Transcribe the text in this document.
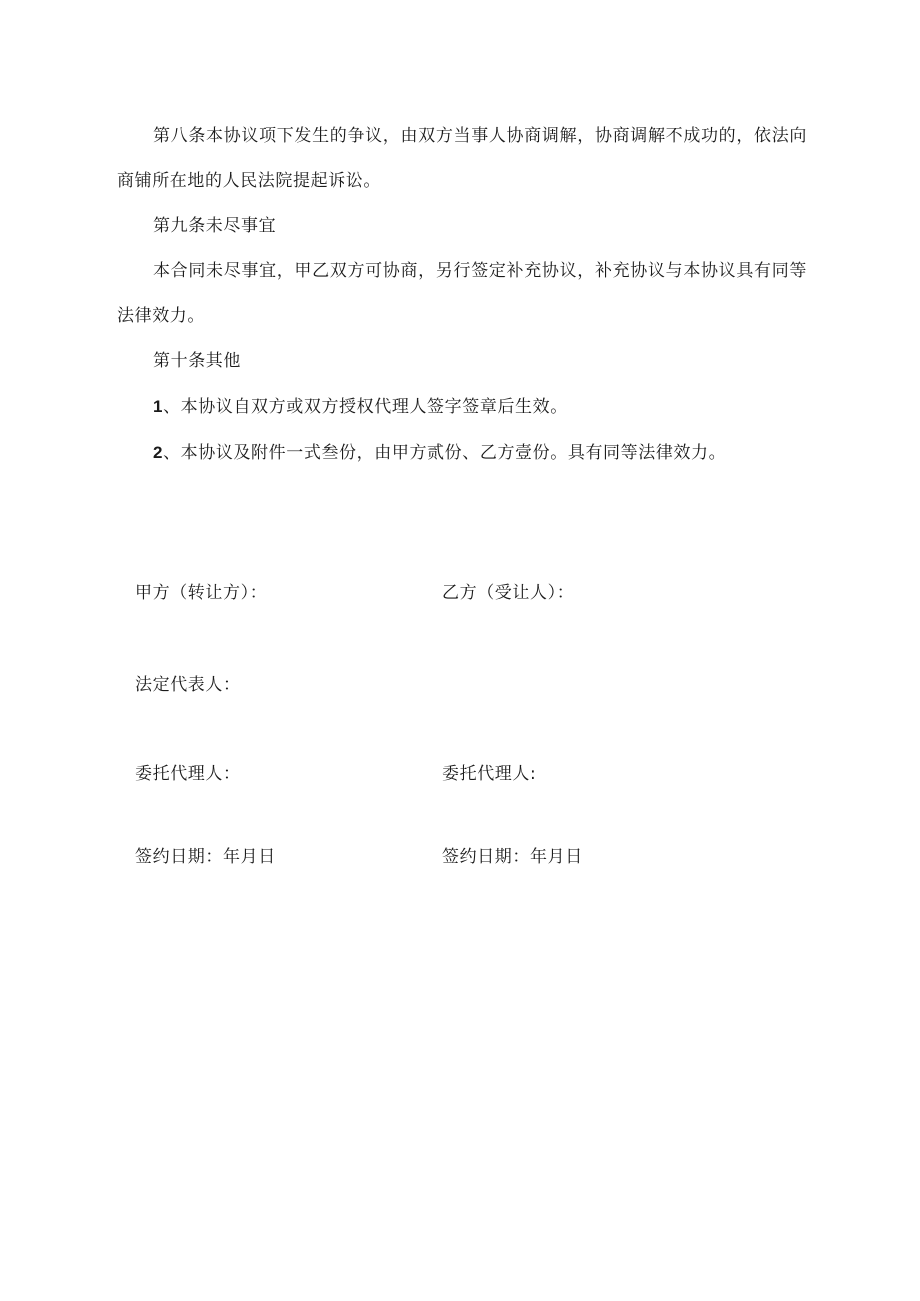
第八条本协议项下发生的争议，由双方当事人协商调解，协商调解不成功的，依法向商铺所在地的人民法院提起诉讼。

第九条未尽事宜

本合同未尽事宜，甲乙双方可协商，另行签定补充协议，补充协议与本协议具有同等法律效力。

第十条其他

1、本协议自双方或双方授权代理人签字签章后生效。

2、本协议及附件一式叁份，由甲方贰份、乙方壹份。具有同等法律效力。

甲方（转让方）：	乙方（受让人）：
法定代表人：
委托代理人：	委托代理人:
签约日期：年月日	签约日期：年月日
